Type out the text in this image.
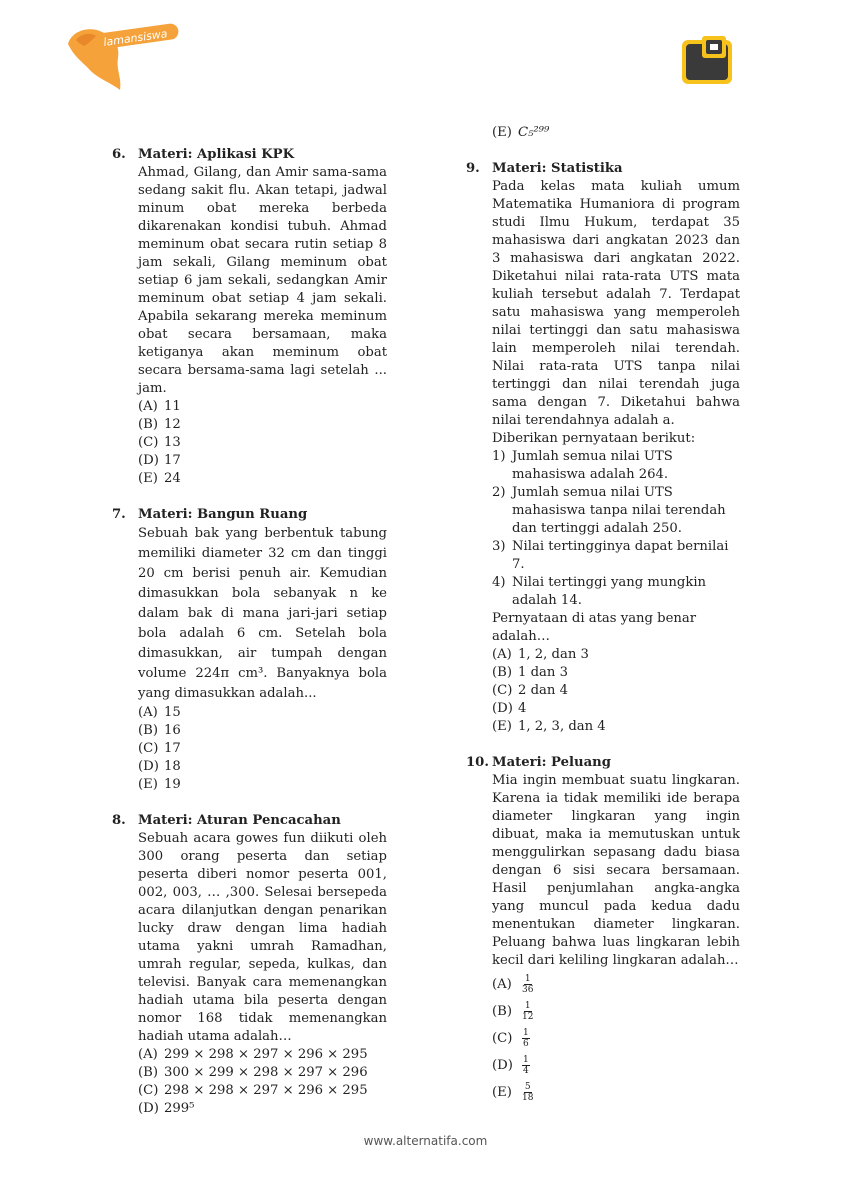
lamansiswa
6. Materi: Aplikasi KPK
Ahmad, Gilang, dan Amir sama-sama sedang sakit flu. Akan tetapi, jadwal minum obat mereka berbeda dikarenakan kondisi tubuh. Ahmad meminum obat secara rutin setiap 8 jam sekali, Gilang meminum obat setiap 6 jam sekali, sedangkan Amir meminum obat setiap 4 jam sekali. Apabila sekarang mereka meminum obat secara bersamaan, maka ketiganya akan meminum obat secara bersama-sama lagi setelah ... jam.
(A) 11
(B) 12
(C) 13
(D) 17
(E) 24
7. Materi: Bangun Ruang
Sebuah bak yang berbentuk tabung memiliki diameter 32 cm dan tinggi 20 cm berisi penuh air. Kemudian dimasukkan bola sebanyak n ke dalam bak di mana jari-jari setiap bola adalah 6 cm. Setelah bola dimasukkan, air tumpah dengan volume 224π cm³. Banyaknya bola yang dimasukkan adalah...
(A) 15
(B) 16
(C) 17
(D) 18
(E) 19
8. Materi: Aturan Pencacahan
Sebuah acara gowes fun diikuti oleh 300 orang peserta dan setiap peserta diberi nomor peserta 001, 002, 003, … ,300. Selesai bersepeda acara dilanjutkan dengan penarikan lucky draw dengan lima hadiah utama yakni umrah Ramadhan, umrah regular, sepeda, kulkas, dan televisi. Banyak cara memenangkan hadiah utama bila peserta dengan nomor 168 tidak memenangkan hadiah utama adalah…
(A) 299 × 298 × 297 × 296 × 295
(B) 300 × 299 × 298 × 297 × 296
(C) 298 × 298 × 297 × 296 × 295
(D) 299⁵
(E) C₅²⁹⁹
9. Materi: Statistika
Pada kelas mata kuliah umum Matematika Humaniora di program studi Ilmu Hukum, terdapat 35 mahasiswa dari angkatan 2023 dan 3 mahasiswa dari angkatan 2022. Diketahui nilai rata-rata UTS mata kuliah tersebut adalah 7. Terdapat satu mahasiswa yang memperoleh nilai tertinggi dan satu mahasiswa lain memperoleh nilai terendah. Nilai rata-rata UTS tanpa nilai tertinggi dan nilai terendah juga sama dengan 7. Diketahui bahwa nilai terendahnya adalah a.
Diberikan pernyataan berikut:
1) Jumlah semua nilai UTS mahasiswa adalah 264.
2) Jumlah semua nilai UTS mahasiswa tanpa nilai terendah dan tertinggi adalah 250.
3) Nilai tertingginya dapat bernilai 7.
4) Nilai tertinggi yang mungkin adalah 14.
Pernyataan di atas yang benar adalah…
(A) 1, 2, dan 3
(B) 1 dan 3
(C) 2 dan 4
(D) 4
(E) 1, 2, 3, dan 4
10. Materi: Peluang
Mia ingin membuat suatu lingkaran. Karena ia tidak memiliki ide berapa diameter lingkaran yang ingin dibuat, maka ia memutuskan untuk menggulirkan sepasang dadu biasa dengan 6 sisi secara bersamaan. Hasil penjumlahan angka-angka yang muncul pada kedua dadu menentukan diameter lingkaran. Peluang bahwa luas lingkaran lebih kecil dari keliling lingkaran adalah…
(A)	$\frac{1}{36}$
(B)	$\frac{1}{12}$
(C)	$\frac{1}{6}$
(D)	$\frac{1}{4}$
(E)	$\frac{5}{18}$
www.alternatifa.com
